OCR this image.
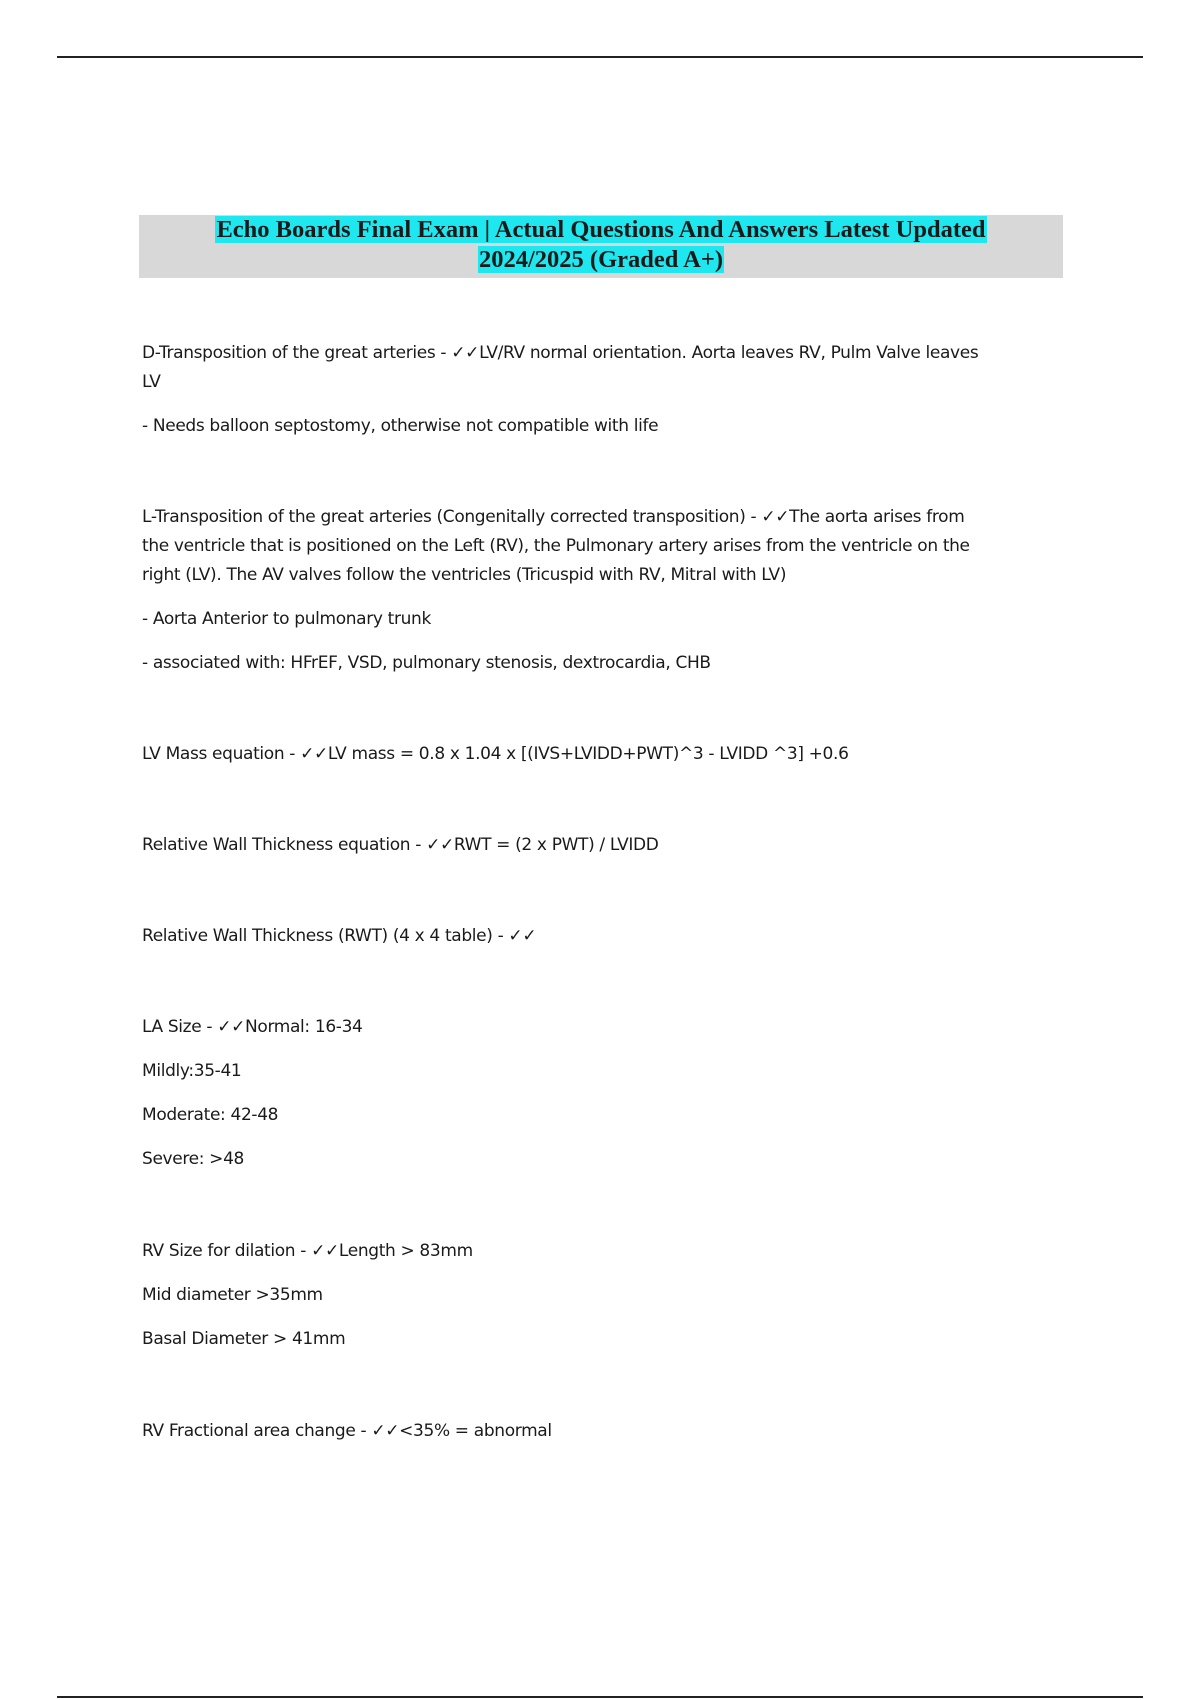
Echo Boards Final Exam | Actual Questions And Answers Latest Updated
2024/2025 (Graded A+)
D-Transposition of the great arteries - ✓✓LV/RV normal orientation. Aorta leaves RV, Pulm Valve leaves
LV
- Needs balloon septostomy, otherwise not compatible with life
L-Transposition of the great arteries (Congenitally corrected transposition) - ✓✓The aorta arises from
the ventricle that is positioned on the Left (RV), the Pulmonary artery arises from the ventricle on the
right (LV). The AV valves follow the ventricles (Tricuspid with RV, Mitral with LV)
- Aorta Anterior to pulmonary trunk
- associated with: HFrEF, VSD, pulmonary stenosis, dextrocardia, CHB
LV Mass equation - ✓✓LV mass = 0.8 x 1.04 x [(IVS+LVIDD+PWT)^3 - LVIDD ^3] +0.6
Relative Wall Thickness equation - ✓✓RWT = (2 x PWT) / LVIDD
Relative Wall Thickness (RWT) (4 x 4 table) - ✓✓
LA Size - ✓✓Normal: 16-34
Mildly:35-41
Moderate: 42-48
Severe: >48
RV Size for dilation - ✓✓Length > 83mm
Mid diameter >35mm
Basal Diameter > 41mm
RV Fractional area change - ✓✓<35% = abnormal
